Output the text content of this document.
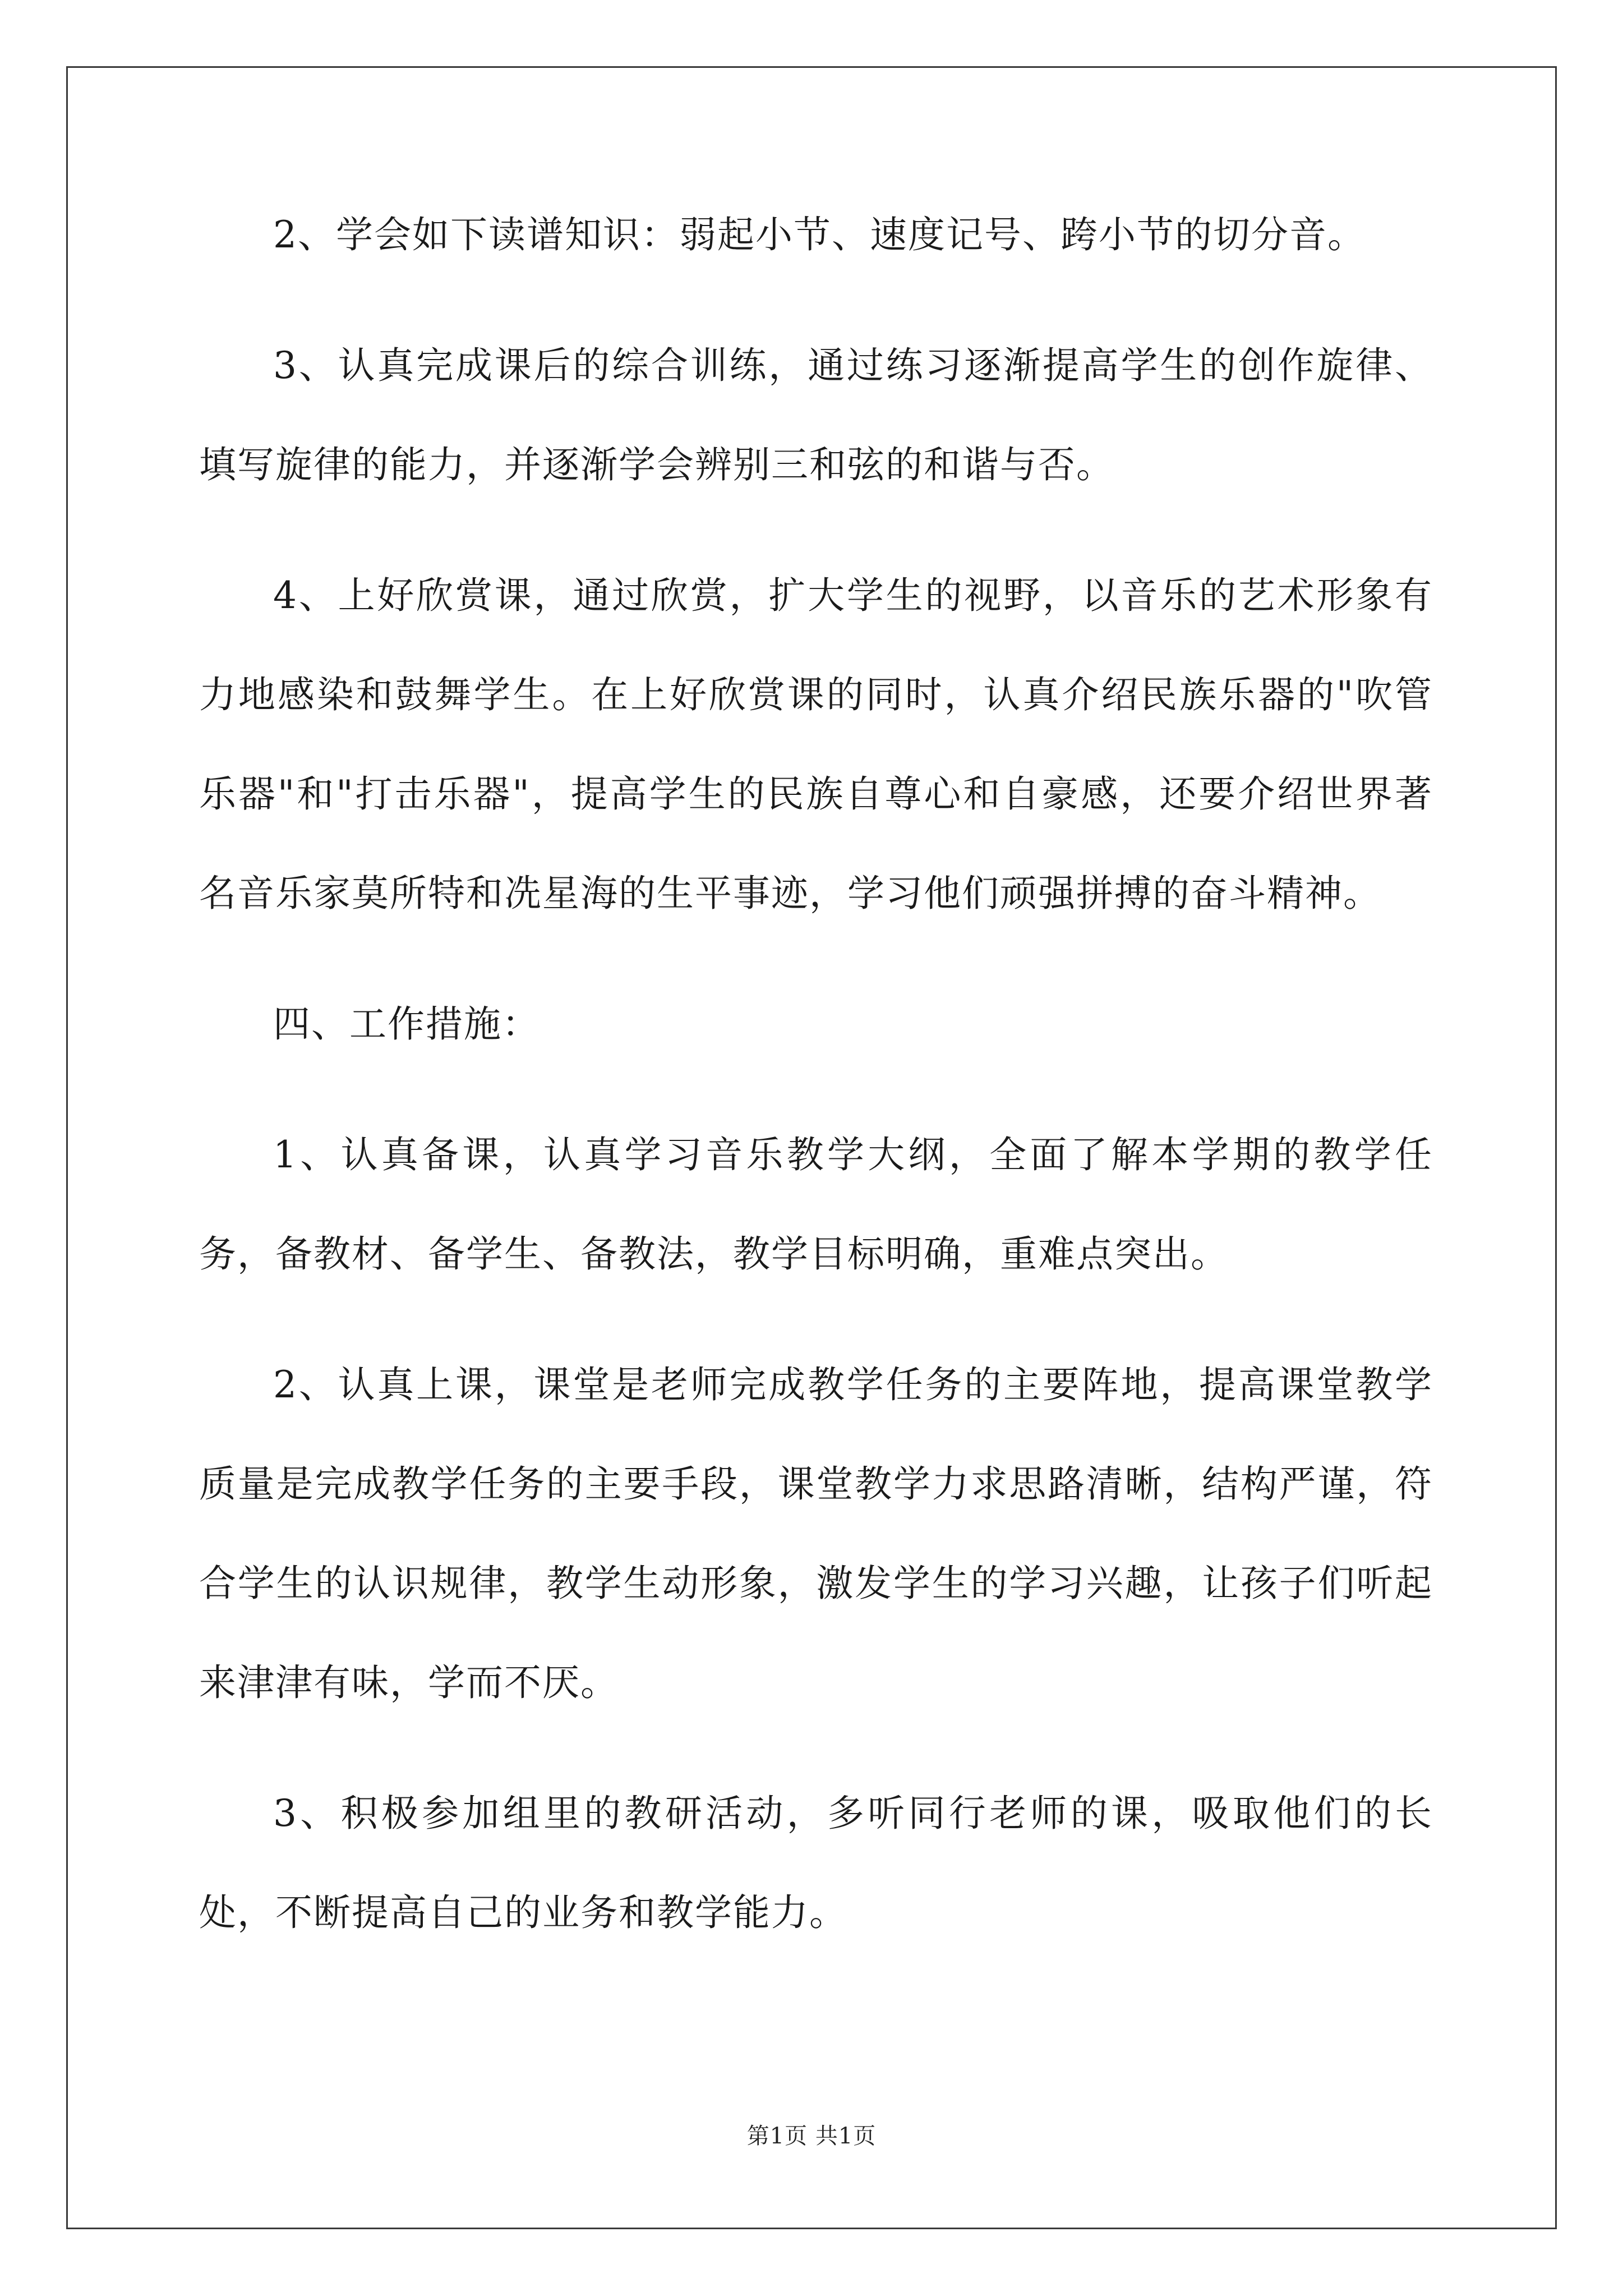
2、学会如下读谱知识：弱起小节、速度记号、跨小节的切分音。

3、认真完成课后的综合训练，通过练习逐渐提高学生的创作旋律、填写旋律的能力，并逐渐学会辨别三和弦的和谐与否。

4、上好欣赏课，通过欣赏，扩大学生的视野，以音乐的艺术形象有力地感染和鼓舞学生。在上好欣赏课的同时，认真介绍民族乐器的"吹管乐器"和"打击乐器"，提高学生的民族自尊心和自豪感，还要介绍世界著名音乐家莫所特和冼星海的生平事迹，学习他们顽强拼搏的奋斗精神。

四、工作措施：

1、认真备课，认真学习音乐教学大纲，全面了解本学期的教学任务，备教材、备学生、备教法，教学目标明确，重难点突出。

2、认真上课，课堂是老师完成教学任务的主要阵地，提高课堂教学质量是完成教学任务的主要手段，课堂教学力求思路清晰，结构严谨，符合学生的认识规律，教学生动形象，激发学生的学习兴趣，让孩子们听起来津津有味，学而不厌。

3、积极参加组里的教研活动，多听同行老师的课，吸取他们的长处，不断提高自己的业务和教学能力。

第1页 共1页
